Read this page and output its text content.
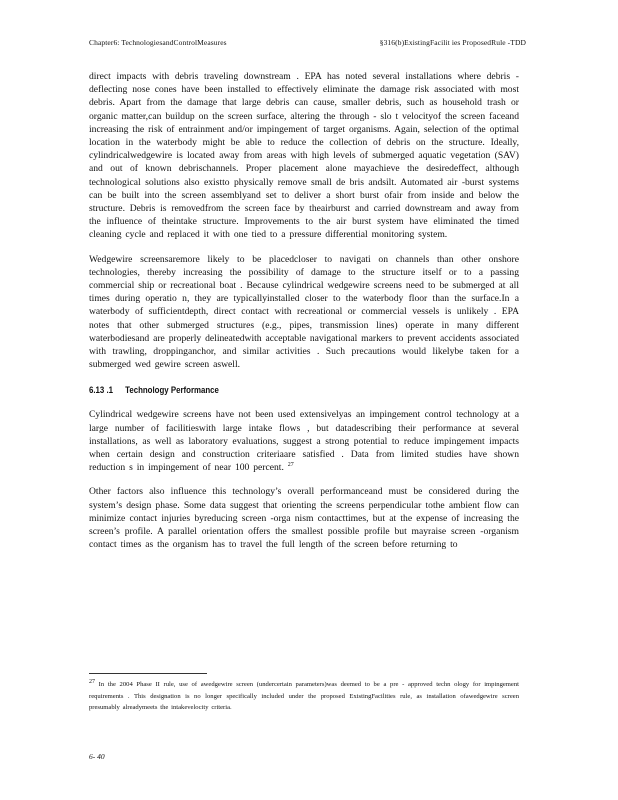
Chapter6: TechnologiesandControlMeasures	§316(b)ExistingFacilit ies ProposedRule -TDD

direct impacts with debris traveling downstream . EPA has noted several installations where debris -deflecting nose cones have been installed to effectively eliminate the damage risk associated with most debris. Apart from the damage that large debris can cause, smaller debris, such as household trash or organic matter,can buildup on the screen surface, altering the through - slo t velocityof the screen faceand increasing the risk of entrainment and/or impingement of target organisms. Again, selection of the optimal location in the waterbody might be able to reduce the collection of debris on the structure. Ideally, cylindricalwedgewire is located away from areas with high levels of submerged aquatic vegetation (SAV) and out of known debrischannels. Proper placement alone mayachieve the desiredeffect, although technological solutions also existto physically remove small de bris andsilt. Automated air -burst systems can be built into the screen assemblyand set to deliver a short burst ofair from inside and below the structure. Debris is removedfrom the screen face by theairburst and carried downstream and away from the influence of theintake structure. Improvements to the air burst system have eliminated the timed cleaning cycle and replaced it with one tied to a pressure differential monitoring system.

Wedgewire screensaremore likely to be placedcloser to navigati on channels than other onshore technologies, thereby increasing the possibility of damage to the structure itself or to a passing commercial ship or recreational boat . Because cylindrical wedgewire screens need to be submerged at all times during operatio n, they are typicallyinstalled closer to the waterbody floor than the surface.In a waterbody of sufficientdepth, direct contact with recreational or commercial vessels is unlikely . EPA notes that other submerged structures (e.g., pipes, transmission lines) operate in many different waterbodiesand are properly delineatedwith acceptable navigational markers to prevent accidents associated with trawling, droppinganchor, and similar activities . Such precautions would likelybe taken for a submerged wed gewire screen aswell.

6.13 .1 Technology Performance

Cylindrical wedgewire screens have not been used extensivelyas an impingement control technology at a large number of facilitieswith large intake flows , but datadescribing their performance at several installations, as well as laboratory evaluations, suggest a strong potential to reduce impingement impacts when certain design and construction criteriaare satisfied . Data from limited studies have shown reduction s in impingement of near 100 percent. $^{27}$

Other factors also influence this technology’s overall performanceand must be considered during the system’s design phase. Some data suggest that orienting the screens perpendicular tothe ambient flow can minimize contact injuries byreducing screen -orga nism contacttimes, but at the expense of increasing the screen’s profile. A parallel orientation offers the smallest possible profile but mayraise screen -organism contact times as the organism has to travel the full length of the screen before returning to

27 In the 2004 Phase II rule, use of awedgewire screen (undercertain parameters)was deemed to be a pre - approved techn ology for impingement requirements . This designation is no longer specifically included under the proposed ExistingFacilities rule, as installation ofawedgewire screen presumably alreadymeets the intakevelocity criteria.
6- 40
